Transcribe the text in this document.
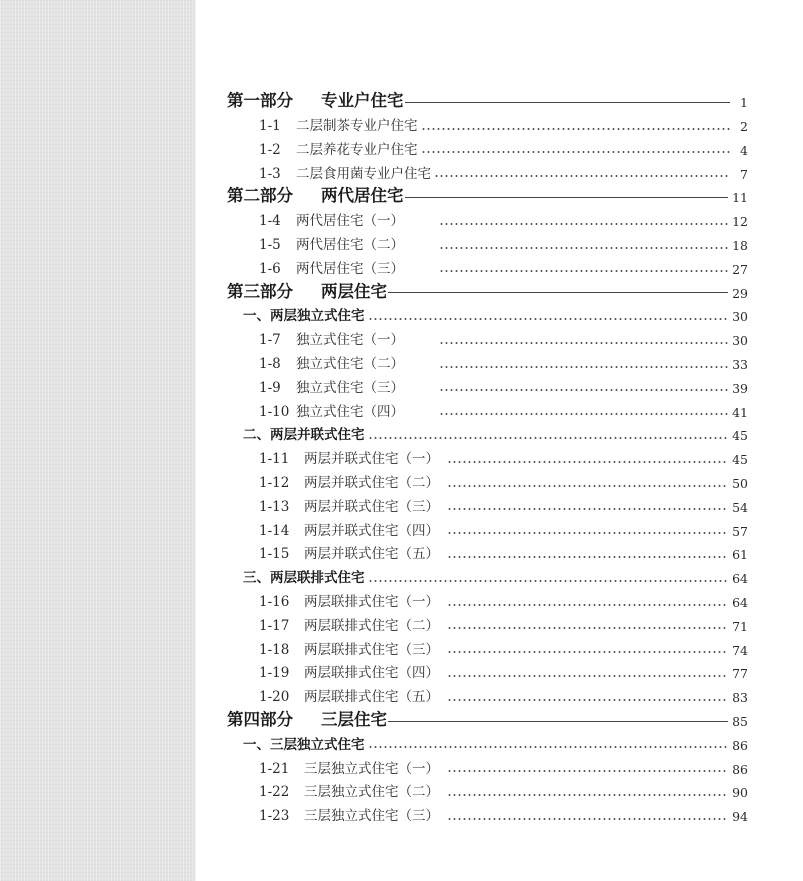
第一部分 专业户住宅	1
1-1	二层制茶专业户住宅	2
1-2	二层养花专业户住宅	4
1-3	二层食用菌专业户住宅	7
第二部分 两代居住宅	11
1-4	两代居住宅（一）	12
1-5	两代居住宅（二）	18
1-6	两代居住宅（三）	27
第三部分 两层住宅	29
一、两层独立式住宅	30
1-7	独立式住宅（一）	30
1-8	独立式住宅（二）	33
1-9	独立式住宅（三）	39
1-10 独立式住宅（四）	41
二、两层并联式住宅	45
1-11	两层并联式住宅（一）	45
1-12	两层并联式住宅（二）	50
1-13	两层并联式住宅（三）	54
1-14	两层并联式住宅（四）	57
1-15	两层并联式住宅（五）	61
三、两层联排式住宅	64
1-16	两层联排式住宅（一）	64
1-17	两层联排式住宅（二）	71
1-18	两层联排式住宅（三）	74
1-19	两层联排式住宅（四）	77
1-20	两层联排式住宅（五）	83
第四部分 三层住宅	85
一、三层独立式住宅	86
1-21	三层独立式住宅（一）	86
1-22	三层独立式住宅（二）	90
1-23	三层独立式住宅（三）	94
